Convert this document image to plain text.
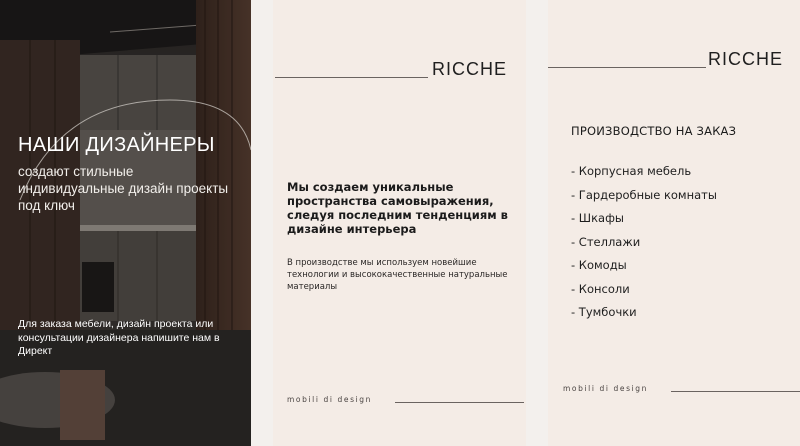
НАШИ ДИЗАЙНЕРЫ
создают стильные индивидуальные дизайн проекты под ключ
Для заказа мебели, дизайн проекта или консультации дизайнера напишите нам в Директ
RICCHE
Мы создаем уникальные пространства самовыражения, следуя последним тенденциям в дизайне интерьера
В производстве мы используем новейшие технологии и высококачественные натуральные материалы
mobili di design
RICCHE
ПРОИЗВОДСТВО НА ЗАКАЗ
- Корпусная мебель
- Гардеробные комнаты
- Шкафы
- Стеллажи
- Комоды
- Консоли
- Тумбочки
mobili di design
